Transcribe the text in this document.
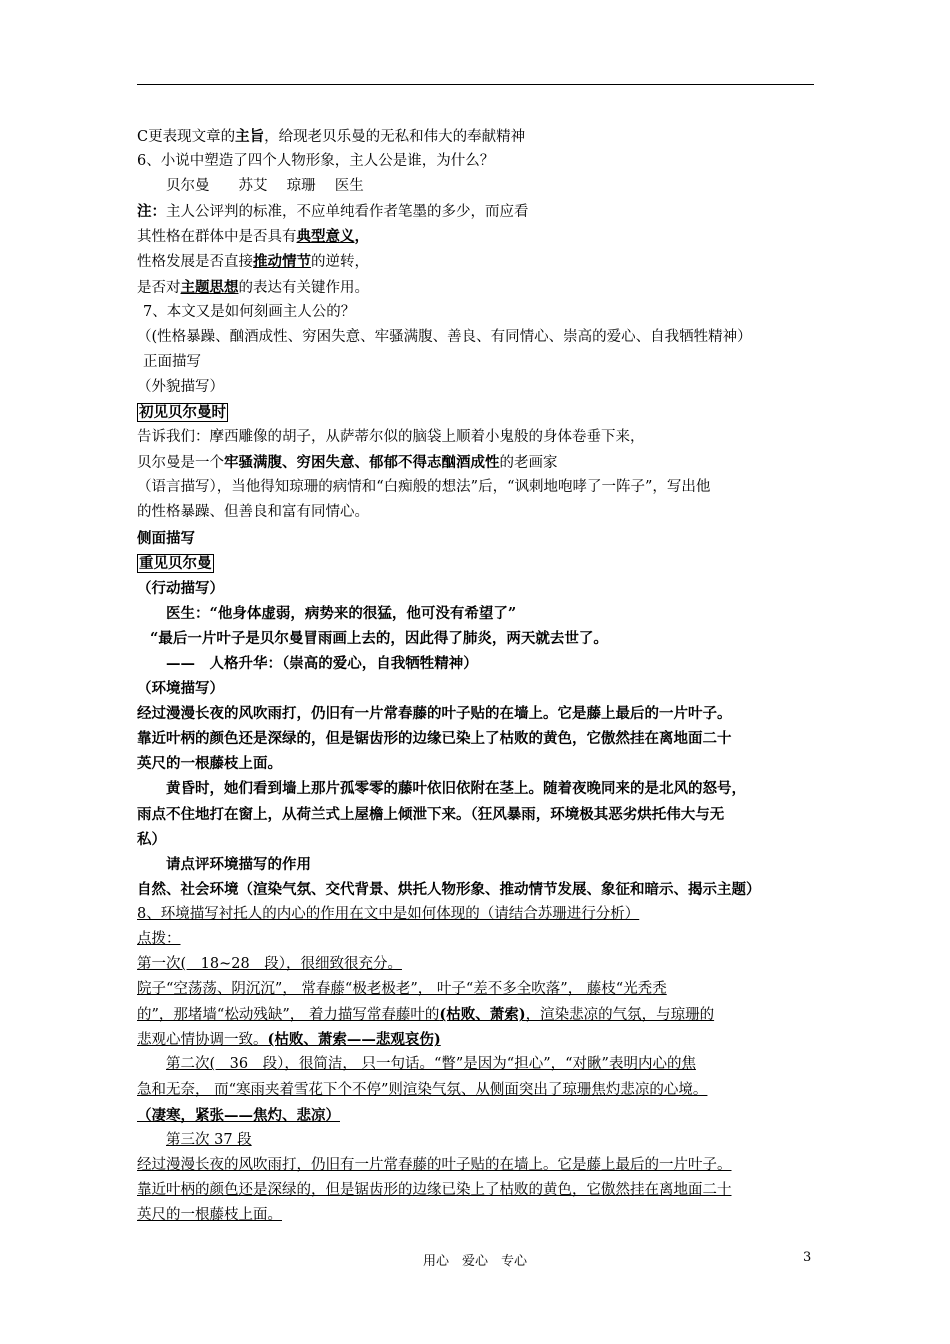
C更表现文章的主旨，给现老贝乐曼的无私和伟大的奉献精神
6、小说中塑造了四个人物形象，主人公是谁，为什么？
贝尔曼　　苏艾　 琼珊　 医生
注：主人公评判的标准，不应单纯看作者笔墨的多少，而应看
其性格在群体中是否具有典型意义，
性格发展是否直接推动情节的逆转，
是否对主题思想的表达有关键作用。
7、本文又是如何刻画主人公的？
（(性格暴躁、酗酒成性、穷困失意、牢骚满腹、善良、有同情心、崇高的爱心、自我牺牲精神）
正面描写
（外貌描写）
初见贝尔曼时
告诉我们：摩西雕像的胡子，从萨蒂尔似的脑袋上顺着小鬼般的身体卷垂下来，
贝尔曼是一个牢骚满腹、穷困失意、郁郁不得志酗酒成性的老画家
（语言描写），当他得知琼珊的病情和“白痴般的想法”后，“讽刺地咆哮了一阵子”，写出他
的性格暴躁、但善良和富有同情心。
侧面描写
重见贝尔曼
（行动描写）
医生：“他身体虚弱，病势来的很猛，他可没有希望了”
“最后一片叶子是贝尔曼冒雨画上去的，因此得了肺炎，两天就去世了。
——　人格升华：（崇高的爱心，自我牺牲精神）
（环境描写）
经过漫漫长夜的风吹雨打，仍旧有一片常春藤的叶子贴的在墙上。它是藤上最后的一片叶子。
靠近叶柄的颜色还是深绿的，但是锯齿形的边缘已染上了枯败的黄色，它傲然挂在离地面二十
英尺的一根藤枝上面。
黄昏时，她们看到墙上那片孤零零的藤叶依旧依附在茎上。随着夜晚同来的是北风的怒号，
雨点不住地打在窗上，从荷兰式上屋檐上倾泄下来。（狂风暴雨，环境极其恶劣烘托伟大与无
私）
请点评环境描写的作用
自然、社会环境（渲染气氛、交代背景、烘托人物形象、推动情节发展、象征和暗示、揭示主题）
8、环境描写衬托人的内心的作用在文中是如何体现的（请结合苏珊进行分析）
点拨：
第一次(　18~28　段），很细致很充分。
院子“空荡荡、阴沉沉”， 常春藤“极老极老”， 叶子“差不多全吹落”， 藤枝“光秃秃
的”，那堵墙“松动残缺”， 着力描写常春藤叶的(枯败、萧索)，渲染悲凉的气氛，与琼珊的
悲观心情协调一致。(枯败、萧索——悲观哀伤)
第二次(　36　段），很简洁， 只一句话。“瞥”是因为“担心”，“对瞅”表明内心的焦
急和无奈， 而“寒雨夹着雪花下个不停”则渲染气氛、从侧面突出了琼珊焦灼悲凉的心境。
（凄寒，紧张——焦灼、悲凉）
第三次 37 段
经过漫漫长夜的风吹雨打，仍旧有一片常春藤的叶子贴的在墙上。它是藤上最后的一片叶子。
靠近叶柄的颜色还是深绿的，但是锯齿形的边缘已染上了枯败的黄色，它傲然挂在离地面二十
英尺的一根藤枝上面。
用心　爱心　专心	3
